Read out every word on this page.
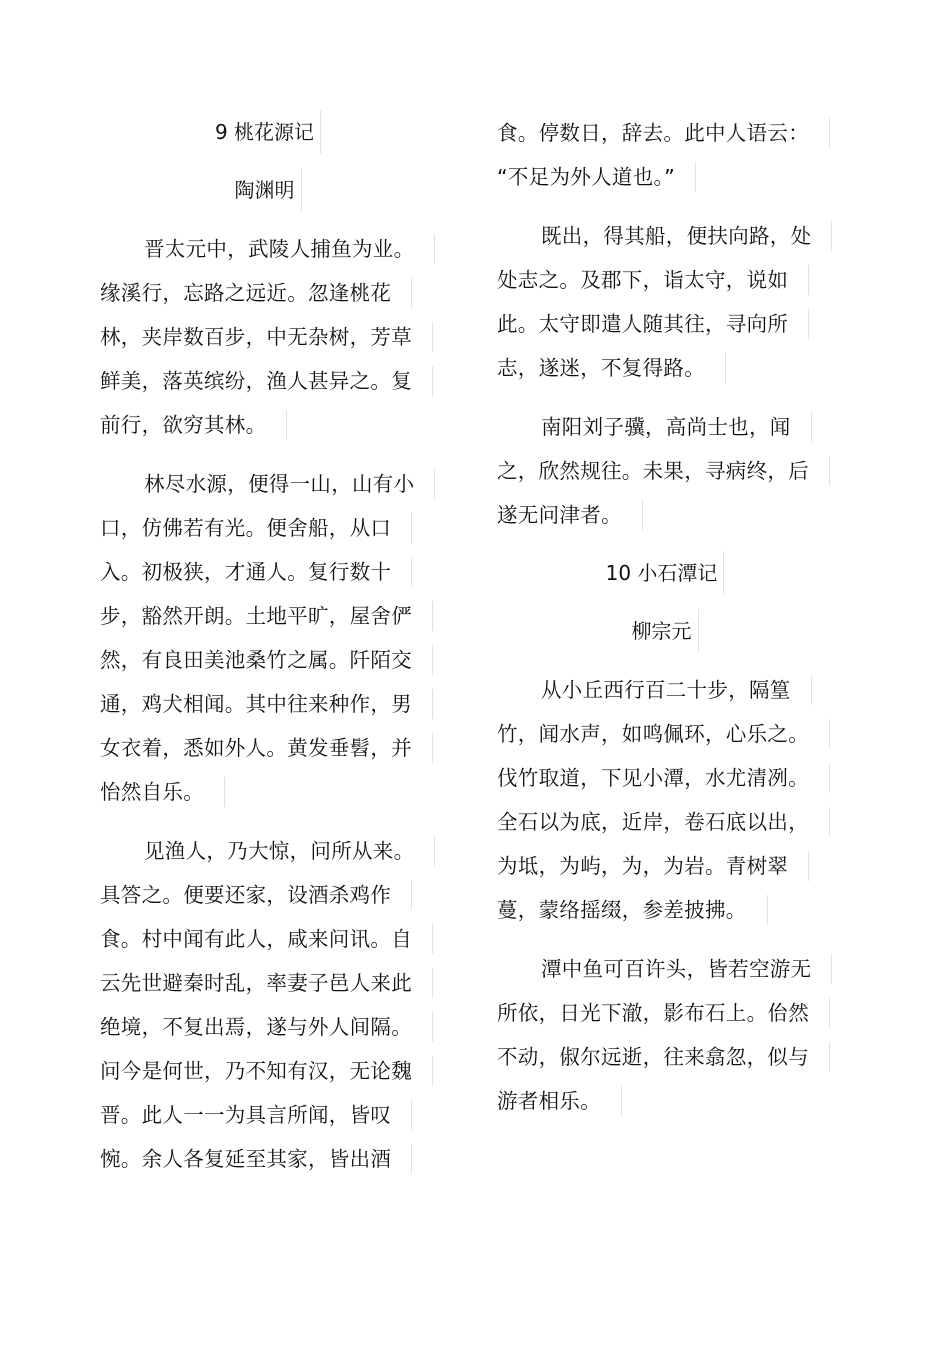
9 桃花源记
陶渊明
晋太元中，武陵人捕鱼为业。
缘溪行，忘路之远近。忽逢桃花
林，夹岸数百步，中无杂树，芳草
鲜美，落英缤纷，渔人甚异之。复
前行，欲穷其林。
林尽水源，便得一山，山有小
口，仿佛若有光。便舍船，从口
入。初极狭，才通人。复行数十
步，豁然开朗。土地平旷，屋舍俨
然，有良田美池桑竹之属。阡陌交
通，鸡犬相闻。其中往来种作，男
女衣着，悉如外人。黄发垂髫，并
怡然自乐。
见渔人，乃大惊，问所从来。
具答之。便要还家，设酒杀鸡作
食。村中闻有此人，咸来问讯。自
云先世避秦时乱，率妻子邑人来此
绝境，不复出焉，遂与外人间隔。
问今是何世，乃不知有汉，无论魏
晋。此人一一为具言所闻，皆叹
惋。余人各复延至其家，皆出酒
食。停数日，辞去。此中人语云：
“不足为外人道也。”
既出，得其船，便扶向路，处
处志之。及郡下，诣太守，说如
此。太守即遣人随其往，寻向所
志，遂迷，不复得路。
南阳刘子骥，高尚士也，闻
之，欣然规往。未果，寻病终，后
遂无问津者。
10 小石潭记
柳宗元
从小丘西行百二十步，隔篁
竹，闻水声，如鸣佩环，心乐之。
伐竹取道，下见小潭，水尤清冽。
全石以为底，近岸，卷石底以出，
为坻，为屿，为，为岩。青树翠
蔓，蒙络摇缀，参差披拂。
潭中鱼可百许头，皆若空游无
所依，日光下澈，影布石上。佁然
不动，俶尔远逝，往来翕忽，似与
游者相乐。
